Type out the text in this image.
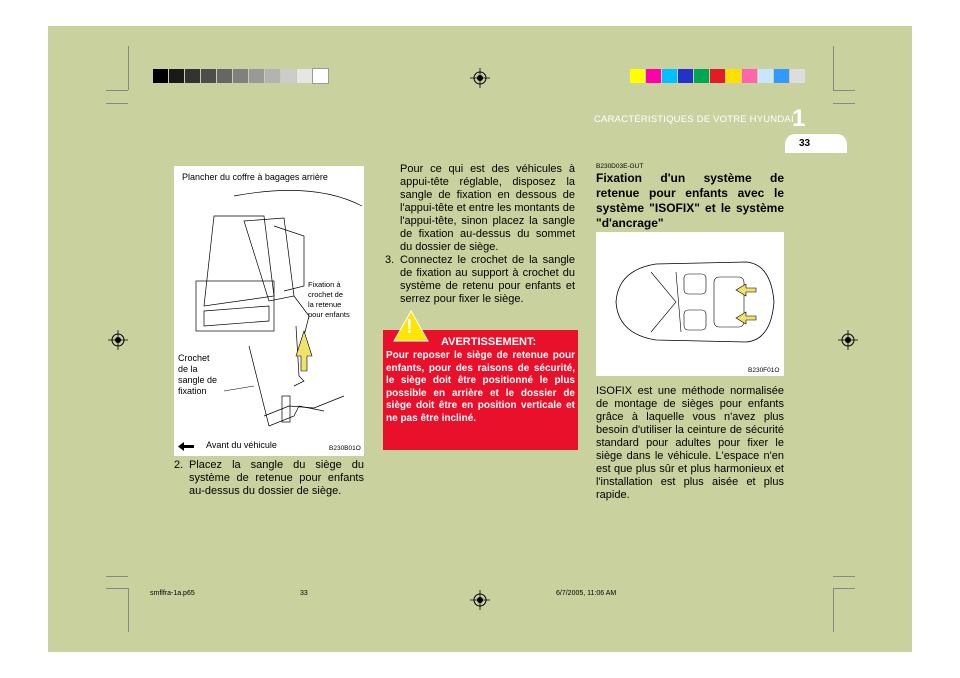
CARACTÉRISTIQUES DE VOTRE HYUNDAI
1
33
Plancher du coffre à bagages arrière
Fixation à
crochet de
la retenue
pour enfants
Crochet
de la
sangle de
fixation
Avant du véhicule	B230B01O
2. Placez la sangle du siège du système de retenue pour enfants au-dessus du dossier de siège.
Pour ce qui est des véhicules à appui-tête réglable, disposez la sangle de fixation en dessous de l'appui-tête et entre les montants de l'appui-tête, sinon placez la sangle de fixation au-dessus du sommet du dossier de siège.
3. Connectez le crochet de la sangle de fixation au support à crochet du système de retenu pour enfants et serrez pour fixer le siège.
!
AVERTISSEMENT:
Pour reposer le siège de retenue pour enfants, pour des raisons de sécurité, le siège doit être positionné le plus possible en arrière et le dossier de siège doit être en position verticale et ne pas être incliné.
B230D03E-GUT
Fixation d'un système de retenue pour enfants avec le système "ISOFIX" et le système "d'ancrage"
B230F01O
ISOFIX est une méthode normalisée de montage de sièges pour enfants grâce à laquelle vous n'avez plus besoin d'utiliser la ceinture de sécurité standard pour adultes pour fixer le siège dans le véhicule. L'espace n'en est que plus sûr et plus harmonieux et l'installation est plus aisée et plus rapide.
smflfra-1a.p65	33	6/7/2005, 11:06 AM
